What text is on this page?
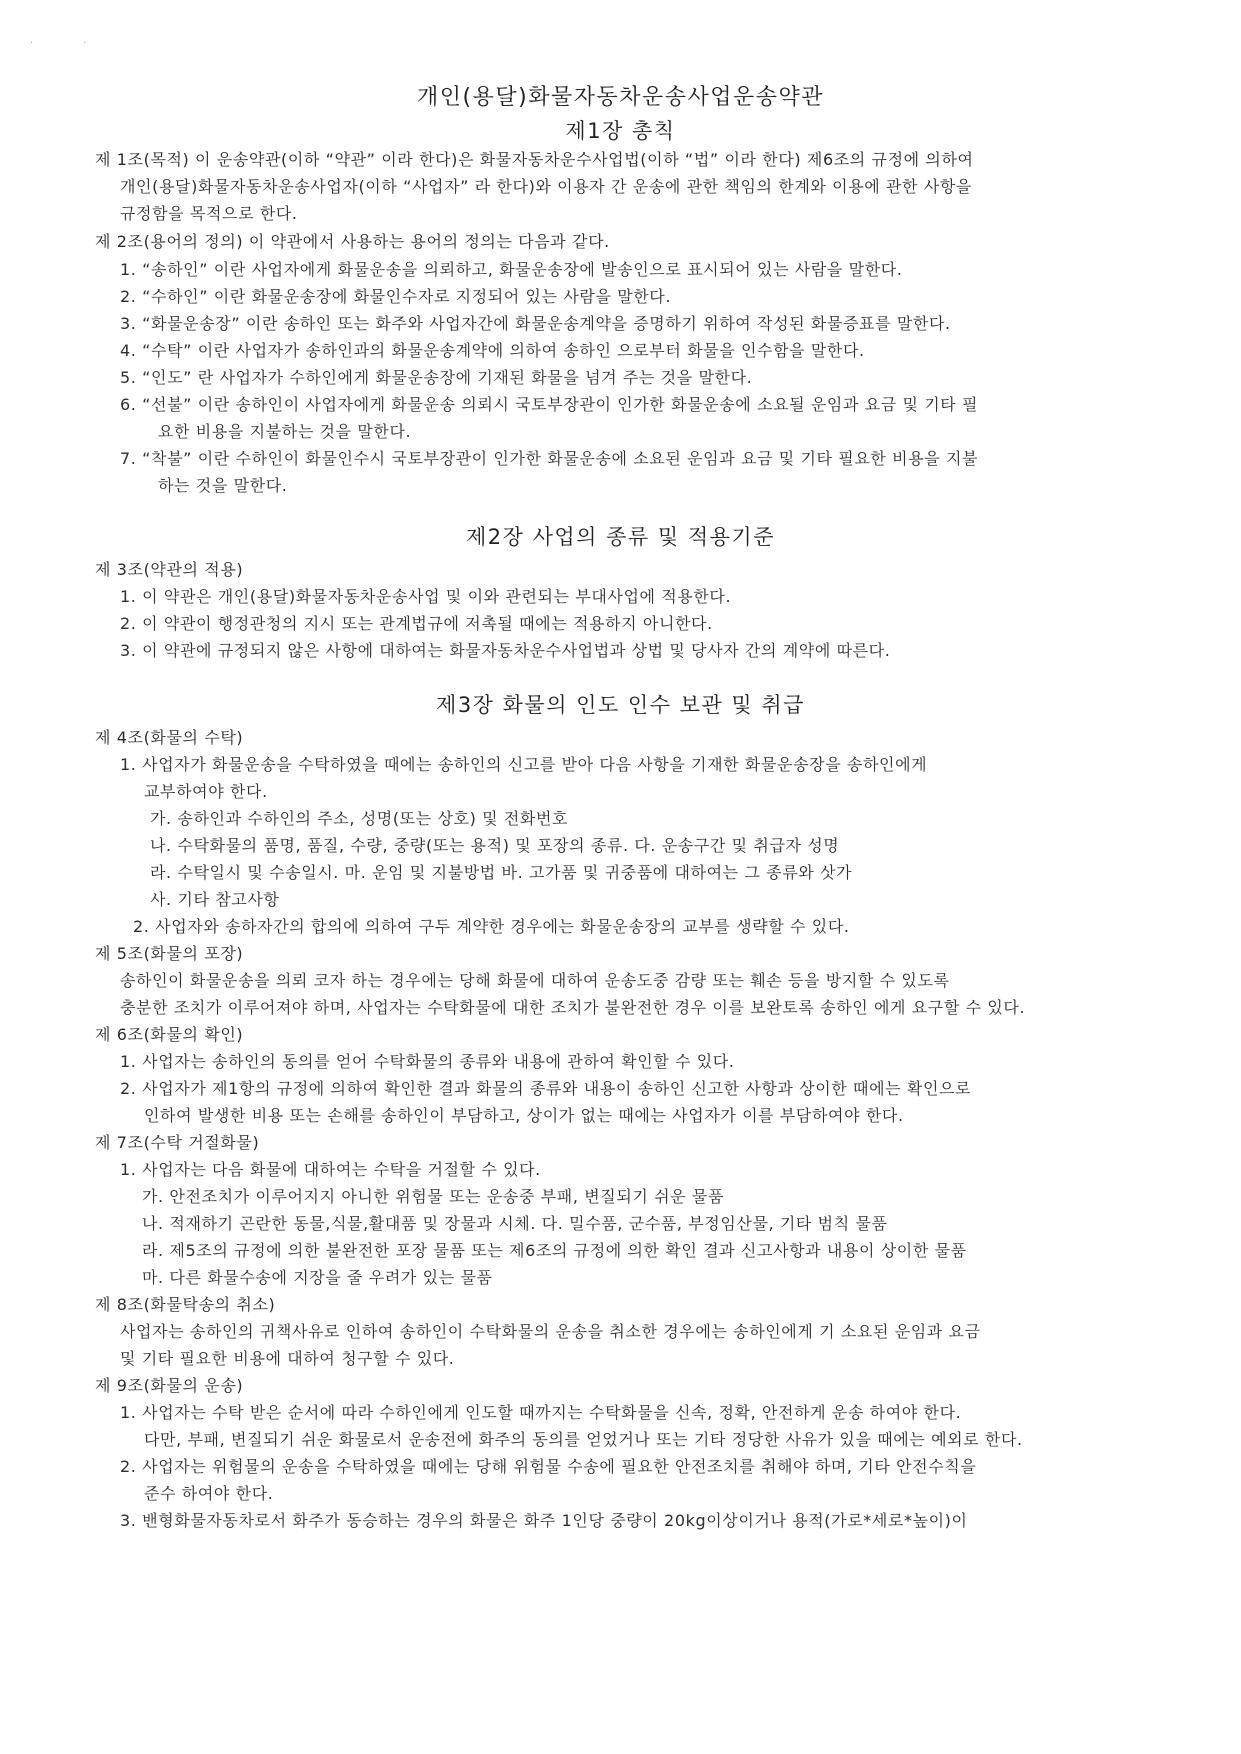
··
개인(용달)화물자동차운송사업운송약관
제1장 총칙
제 1조(목적) 이 운송약관(이하 “약관” 이라 한다)은 화물자동차운수사업법(이하 “법” 이라 한다) 제6조의 규정에 의하여
개인(용달)화물자동차운송사업자(이하 “사업자” 라 한다)와 이용자 간 운송에 관한 책임의 한계와 이용에 관한 사항을
규정함을 목적으로 한다.
제 2조(용어의 정의) 이 약관에서 사용하는 용어의 정의는 다음과 같다.
1. “송하인” 이란 사업자에게 화물운송을 의뢰하고, 화물운송장에 발송인으로 표시되어 있는 사람을 말한다.
2. “수하인” 이란 화물운송장에 화물인수자로 지정되어 있는 사람을 말한다.
3. “화물운송장” 이란 송하인 또는 화주와 사업자간에 화물운송계약을 증명하기 위하여 작성된 화물증표를 말한다.
4. “수탁” 이란 사업자가 송하인과의 화물운송계약에 의하여 송하인 으로부터 화물을 인수함을 말한다.
5. “인도” 란 사업자가 수하인에게 화물운송장에 기재된 화물을 넘겨 주는 것을 말한다.
6. “선불” 이란 송하인이 사업자에게 화물운송 의뢰시 국토부장관이 인가한 화물운송에 소요될 운임과 요금 및 기타 필
요한 비용을 지불하는 것을 말한다.
7. “착불” 이란 수하인이 화물인수시 국토부장관이 인가한 화물운송에 소요된 운임과 요금 및 기타 필요한 비용을 지불
하는 것을 말한다.
제2장 사업의 종류 및 적용기준
제 3조(약관의 적용)
1. 이 약관은 개인(용달)화물자동차운송사업 및 이와 관련되는 부대사업에 적용한다.
2. 이 약관이 행정관청의 지시 또는 관계법규에 저촉될 때에는 적용하지 아니한다.
3. 이 약관에 규정되지 않은 사항에 대하여는 화물자동차운수사업법과 상법 및 당사자 간의 계약에 따른다.
제3장 화물의 인도 인수 보관 및 취급
제 4조(화물의 수탁)
1. 사업자가 화물운송을 수탁하였을 때에는 송하인의 신고를 받아 다음 사항을 기재한 화물운송장을 송하인에게
교부하여야 한다.
가. 송하인과 수하인의 주소, 성명(또는 상호) 및 전화번호
나. 수탁화물의 품명, 품질, 수량, 중량(또는 용적) 및 포장의 종류. 다. 운송구간 및 취급자 성명
라. 수탁일시 및 수송일시. 마. 운임 및 지불방법 바. 고가품 및 귀중품에 대하여는 그 종류와 삿가
사. 기타 참고사항
2. 사업자와 송하자간의 합의에 의하여 구두 계약한 경우에는 화물운송장의 교부를 생략할 수 있다.
제 5조(화물의 포장)
송하인이 화물운송을 의뢰 코자 하는 경우에는 당해 화물에 대하여 운송도중 감량 또는 훼손 등을 방지할 수 있도록
충분한 조치가 이루어져야 하며, 사업자는 수탁화물에 대한 조치가 불완전한 경우 이를 보완토록 송하인 에게 요구할 수 있다.
제 6조(화물의 확인)
1. 사업자는 송하인의 동의를 얻어 수탁화물의 종류와 내용에 관하여 확인할 수 있다.
2. 사업자가 제1항의 규정에 의하여 확인한 결과 화물의 종류와 내용이 송하인 신고한 사항과 상이한 때에는 확인으로
인하여 발생한 비용 또는 손해를 송하인이 부담하고, 상이가 없는 때에는 사업자가 이를 부담하여야 한다.
제 7조(수탁 거절화물)
1. 사업자는 다음 화물에 대하여는 수탁을 거절할 수 있다.
가. 안전조치가 이루어지지 아니한 위험물 또는 운송중 부패, 변질되기 쉬운 물품
나. 적재하기 곤란한 동물,식물,활대품 및 장물과 시체. 다. 밀수품, 군수품, 부정임산물, 기타 범칙 물품
라. 제5조의 규정에 의한 불완전한 포장 물품 또는 제6조의 규정에 의한 확인 결과 신고사항과 내용이 상이한 물품
마. 다른 화물수송에 지장을 줄 우려가 있는 물품
제 8조(화물탁송의 취소)
사업자는 송하인의 귀책사유로 인하여 송하인이 수탁화물의 운송을 취소한 경우에는 송하인에게 기 소요된 운임과 요금
및 기타 필요한 비용에 대하여 청구할 수 있다.
제 9조(화물의 운송)
1. 사업자는 수탁 받은 순서에 따라 수하인에게 인도할 때까지는 수탁화물을 신속, 정확, 안전하게 운송 하여야 한다.
다만, 부패, 변질되기 쉬운 화물로서 운송전에 화주의 동의를 얻었거나 또는 기타 정당한 사유가 있을 때에는 예외로 한다.
2. 사업자는 위험물의 운송을 수탁하였을 때에는 당해 위험물 수송에 필요한 안전조치를 취해야 하며, 기타 안전수칙을
준수 하여야 한다.
3. 밴형화물자동차로서 화주가 동승하는 경우의 화물은 화주 1인당 중량이 20kg이상이거나 용적(가로*세로*높이)이
